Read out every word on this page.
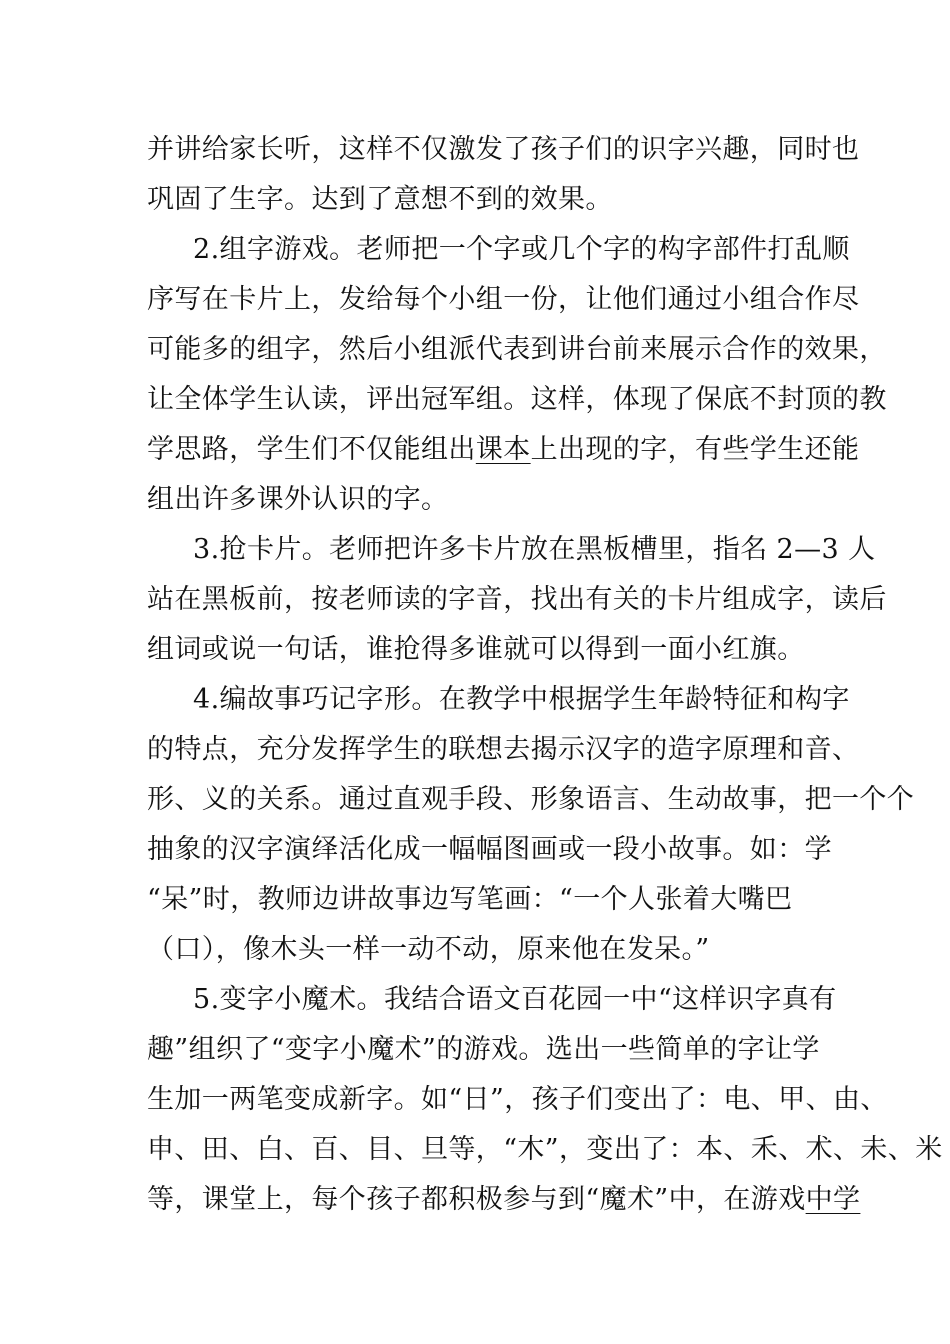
并讲给家长听，这样不仅激发了孩子们的识字兴趣，同时也
巩固了生字。达到了意想不到的效果。
2.组字游戏。老师把一个字或几个字的构字部件打乱顺
序写在卡片上，发给每个小组一份，让他们通过小组合作尽
可能多的组字，然后小组派代表到讲台前来展示合作的效果，
让全体学生认读，评出冠军组。这样，体现了保底不封顶的教
学思路，学生们不仅能组出课本上出现的字，有些学生还能
组出许多课外认识的字。
3.抢卡片。老师把许多卡片放在黑板槽里，指名 2—3 人
站在黑板前，按老师读的字音，找出有关的卡片组成字，读后
组词或说一句话，谁抢得多谁就可以得到一面小红旗。
4.编故事巧记字形。在教学中根据学生年龄特征和构字
的特点，充分发挥学生的联想去揭示汉字的造字原理和音、
形、义的关系。通过直观手段、形象语言、生动故事，把一个个
抽象的汉字演绎活化成一幅幅图画或一段小故事。如：学
“呆”时，教师边讲故事边写笔画：“一个人张着大嘴巴
（口），像木头一样一动不动，原来他在发呆。”
5.变字小魔术。我结合语文百花园一中“这样识字真有
趣”组织了“变字小魔术”的游戏。选出一些简单的字让学
生加一两笔变成新字。如“日”，孩子们变出了：电、甲、由、
申、田、白、百、目、旦等，“木”，变出了：本、禾、术、未、米
等，课堂上，每个孩子都积极参与到“魔术”中，在游戏中学
